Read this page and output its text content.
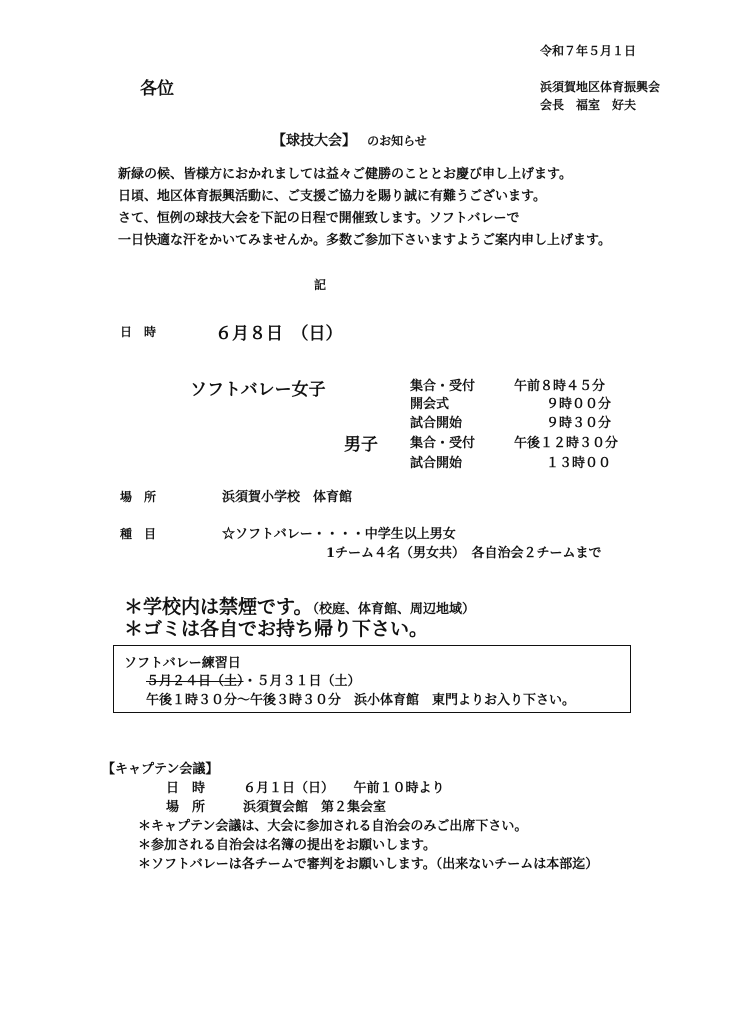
令和７年５月１日
各位	浜須賀地区体育振興会
会長　福室　好夫
【球技大会】 のお知らせ
新緑の候、皆様方におかれましては益々ご健勝のこととお慶び申し上げます。
日頃、地区体育振興活動に、ご支援ご協力を賜り誠に有難うございます。
さて、恒例の球技大会を下記の日程で開催致します。ソフトバレーで
一日快適な汗をかいてみませんか。多数ご参加下さいますようご案内申し上げます。
記
日　時	６月８日　（日）
ソフトバレー女子	集合・受付	午前８時４５分
開会式	９時００分
試合開始	９時３０分
男子 集合・受付	午後１２時３０分
試合開始	１３時００
場　所	浜須賀小学校　体育館
種　目	☆ソフトバレー・・・・中学生以上男女
1チーム４名（男女共）　各自治会２チームまで
＊学校内は禁煙です。（校庭、体育館、周辺地域）
＊ゴミは各自でお持ち帰り下さい。
ソフトバレー練習日
５月２４日（土）・５月３１日（土）
午後１時３０分～午後３時３０分　浜小体育館　東門よりお入り下さい。
【キャプテン会議】
日　時	６月１日（日）　　午前１０時より
場　所	浜須賀会館　第２集会室
＊キャプテン会議は、大会に参加される自治会のみご出席下さい。
＊参加される自治会は名簿の提出をお願いします。
＊ソフトバレーは各チームで審判をお願いします。（出来ないチームは本部迄）
